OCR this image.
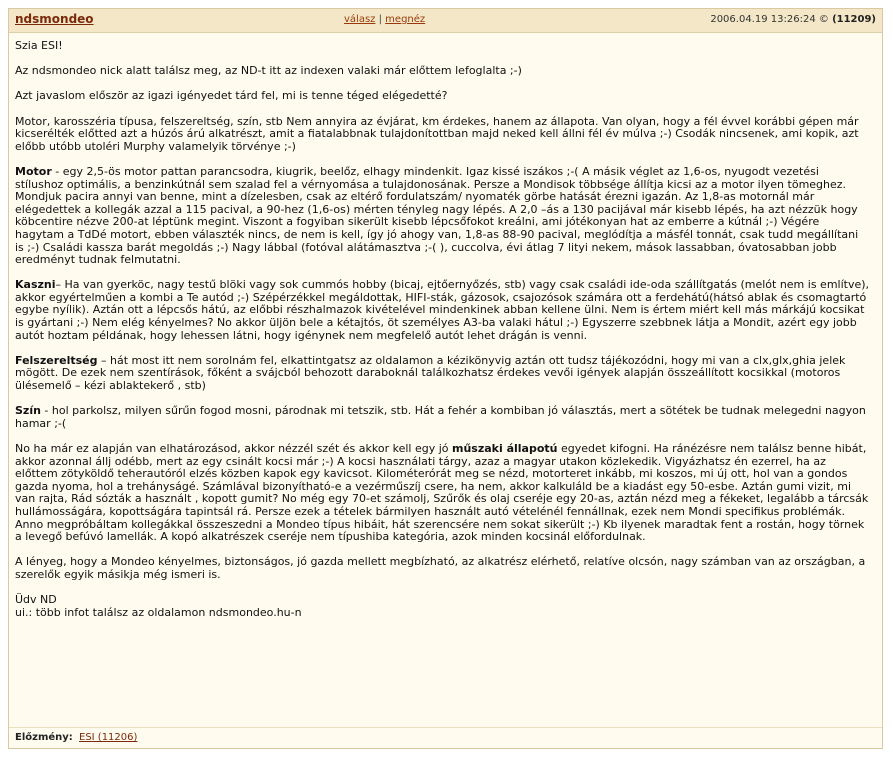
ndsmondeo	válasz | megnéz	2006.04.19 13:26:24 © (11209)

Szia ESI!

Az ndsmondeo nick alatt találsz meg, az ND-t itt az indexen valaki már előttem lefoglalta ;-)

Azt javaslom először az igazi igényedet tárd fel, mi is tenne téged elégedetté?

Motor, karosszéria típusa, felszereltség, szín, stb Nem annyira az évjárat, km érdekes, hanem az állapota. Van olyan, hogy a fél évvel korábbi gépen már kicserélték előtted azt a húzós árú alkatrészt, amit a fiatalabbnak tulajdonítottban majd neked kell állni fél év múlva ;-) Csodák nincsenek, ami kopik, azt előbb utóbb utoléri Murphy valamelyik törvénye ;-)

Motor - egy 2,5-ös motor pattan parancsodra, kiugrik, beelőz, elhagy mindenkit. Igaz kissé iszákos ;-( A másik véglet az 1,6-os, nyugodt vezetési stílushoz optimális, a benzinkútnál sem szalad fel a vérnyomása a tulajdonosának. Persze a Mondisok többsége állítja kicsi az a motor ilyen tömeghez. Mondjuk pacira annyi van benne, mint a dízelesben, csak az eltérő fordulatszám/ nyomaték görbe hatását érezni igazán. Az 1,8-as motornál már elégedettek a kollegák azzal a 115 pacival, a 90-hez (1,6-os) mérten tényleg nagy lépés. A 2,0 –ás a 130 pacijával már kisebb lépés, ha azt nézzük hogy köbcentire nézve 200-at léptünk megint. Viszont a fogyiban sikerült kisebb lépcsőfokot kreálni, ami jótékonyan hat az emberre a kútnál ;-) Végére hagytam a TdDé motort, ebben választék nincs, de nem is kell, így jó ahogy van, 1,8-as 88-90 pacival, meglódítja a másfél tonnát, csak tudd megállítani is ;-) Családi kassza barát megoldás ;-) Nagy lábbal (fotóval alátámasztva ;-( ), cuccolva, évi átlag 7 lityi nekem, mások lassabban, óvatosabban jobb eredményt tudnak felmutatni.

Kaszni– Ha van gyerköc, nagy testű blöki vagy sok cummós hobby (bicaj, ejtőernyőzés, stb) vagy csak családi ide-oda szállítgatás (melót nem is említve), akkor egyértelműen a kombi a Te autód ;-) Szépérzékkel megáldottak, HIFI-sták, gázosok, csajozósok számára ott a ferdehátú(hátsó ablak és csomagtartó egybe nyílik). Aztán ott a lépcsős hátú, az előbbi részhalmazok kivételével mindenkinek abban kellene ülni. Nem is értem miért kell más márkájú kocsikat is gyártani ;-) Nem elég kényelmes? No akkor üljön bele a kétajtós, öt személyes A3-ba valaki hátul ;-) Egyszerre szebbnek látja a Mondit, azért egy jobb autót hoztam példának, hogy lehessen látni, hogy igénynek nem megfelelő autót lehet drágán is venni.

Felszereltség – hát most itt nem sorolnám fel, elkattintgatsz az oldalamon a kézikönyvig aztán ott tudsz tájékozódni, hogy mi van a clx,glx,ghia jelek mögött. De ezek nem szentírások, főként a svájcból behozott daraboknál találkozhatsz érdekes vevői igények alapján összeállított kocsikkal (motoros ülésemelő – kézi ablaktekerő , stb)

Szín - hol parkolsz, milyen sűrűn fogod mosni, párodnak mi tetszik, stb. Hát a fehér a kombiban jó választás, mert a sötétek be tudnak melegedni nagyon hamar ;-(

No ha már ez alapján van elhatározásod, akkor nézzél szét és akkor kell egy jó műszaki állapotú egyedet kifogni. Ha ránézésre nem találsz benne hibát, akkor azonnal állj odébb, mert az egy csinált kocsi már ;-) A kocsi használati tárgy, azaz a magyar utakon közlekedik. Vigyázhatsz én ezerrel, ha az előttem zötyköldő teherautóról elzés közben kapok egy kavicsot. Kilométerórát meg se nézd, motorteret inkább, mi koszos, mi új ott, hol van a gondos gazda nyoma, hol a trehányságé. Számlával bizonyítható-e a vezérműszíj csere, ha nem, akkor kalkuláld be a kiadást egy 50-esbe. Aztán gumi vizit, mi van rajta, Rád sózták a használt , kopott gumit? No még egy 70-et számolj, Szűrők és olaj cseréje egy 20-as, aztán nézd meg a fékeket, legalább a tárcsák hullámosságára, kopottságára tapintsál rá. Persze ezek a tételek bármilyen használt autó vételénél fennállnak, ezek nem Mondi specifikus problémák. Anno megpróbáltam kollegákkal összeszedni a Mondeo típus hibáit, hát szerencsére nem sokat sikerült ;-) Kb ilyenek maradtak fent a rostán, hogy törnek a levegő befúvó lamellák. A kopó alkatrészek cseréje nem típushiba kategória, azok minden kocsinál előfordulnak.

A lényeg, hogy a Mondeo kényelmes, biztonságos, jó gazda mellett megbízható, az alkatrész elérhető, relatíve olcsón, nagy számban van az országban, a szerelők egyik másikja még ismeri is.

Üdv ND
ui.: több infot találsz az oldalamon ndsmondeo.hu-n
Előzmény: ESI (11206)
